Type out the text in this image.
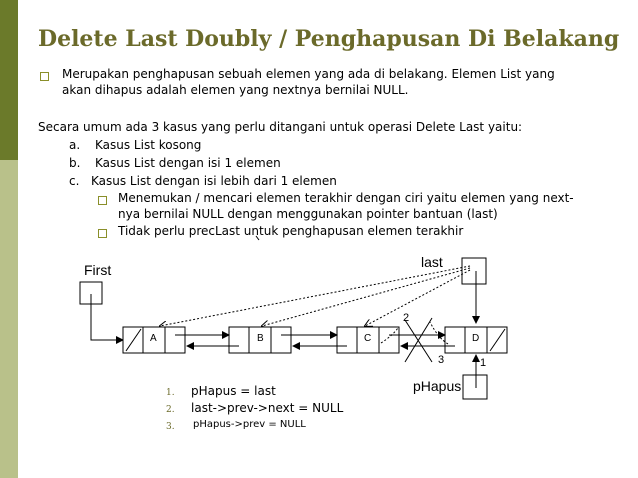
Delete Last Doubly / Penghapusan Di Belakang
Merupakan penghapusan sebuah elemen yang ada di belakang. Elemen List yang
akan dihapus adalah elemen yang nextnya bernilai NULL.
Secara umum ada 3 kasus yang perlu ditangani untuk operasi Delete Last yaitu:
a. Kasus List kosong
b. Kasus List dengan isi 1 elemen
c. Kasus List dengan isi lebih dari 1 elemen
Menemukan / mencari elemen terakhir dengan ciri yaitu elemen yang next-
nya bernilai NULL dengan menggunakan pointer bantuan (last)
Tidak perlu precLast untuk penghapusan elemen terakhir
First	last
pHapus
A	B	C	D
2
3	1
1. pHapus = last
2. last->prev->next = NULL
3. pHapus->prev = NULL
